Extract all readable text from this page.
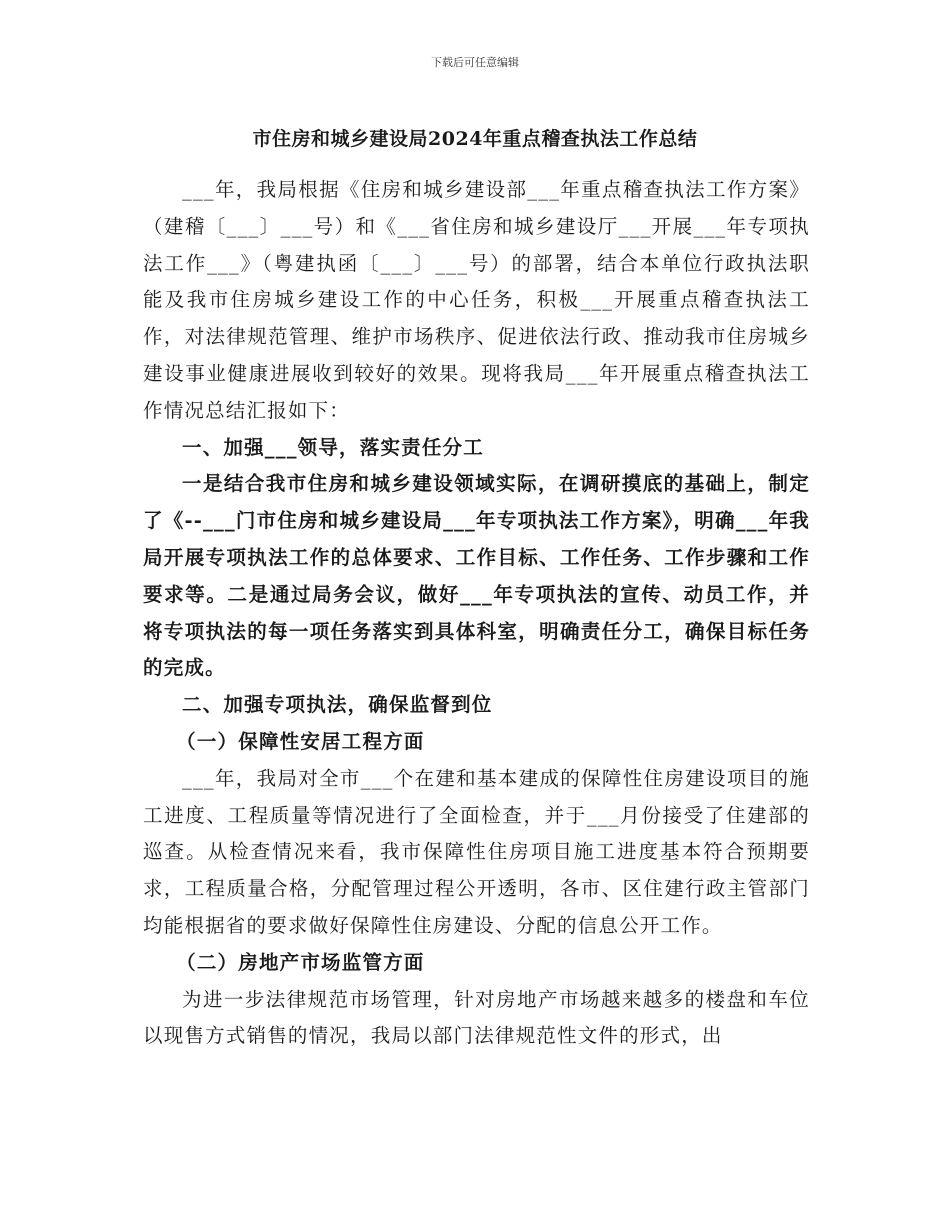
下载后可任意编辑
市住房和城乡建设局2024年重点稽查执法工作总结

___年，我局根据《住房和城乡建设部___年重点稽查执法工作方案》（建稽〔___〕___号）和《___省住房和城乡建设厅___开展___年专项执法工作___》（粤建执函〔___〕___号）的部署，结合本单位行政执法职能及我市住房城乡建设工作的中心任务，积极___开展重点稽查执法工作，对法律规范管理、维护市场秩序、促进依法行政、推动我市住房城乡建设事业健康进展收到较好的效果。现将我局___年开展重点稽查执法工作情况总结汇报如下：

一、加强___领导，落实责任分工

一是结合我市住房和城乡建设领域实际，在调研摸底的基础上，制定了《--___门市住房和城乡建设局___年专项执法工作方案》，明确___年我局开展专项执法工作的总体要求、工作目标、工作任务、工作步骤和工作要求等。二是通过局务会议，做好___年专项执法的宣传、动员工作，并将专项执法的每一项任务落实到具体科室，明确责任分工，确保目标任务的完成。

二、加强专项执法，确保监督到位

（一）保障性安居工程方面

___年，我局对全市___个在建和基本建成的保障性住房建设项目的施工进度、工程质量等情况进行了全面检查，并于___月份接受了住建部的巡查。从检查情况来看，我市保障性住房项目施工进度基本符合预期要求，工程质量合格，分配管理过程公开透明，各市、区住建行政主管部门均能根据省的要求做好保障性住房建设、分配的信息公开工作。

（二）房地产市场监管方面

为进一步法律规范市场管理，针对房地产市场越来越多的楼盘和车位以现售方式销售的情况，我局以部门法律规范性文件的形式，出
